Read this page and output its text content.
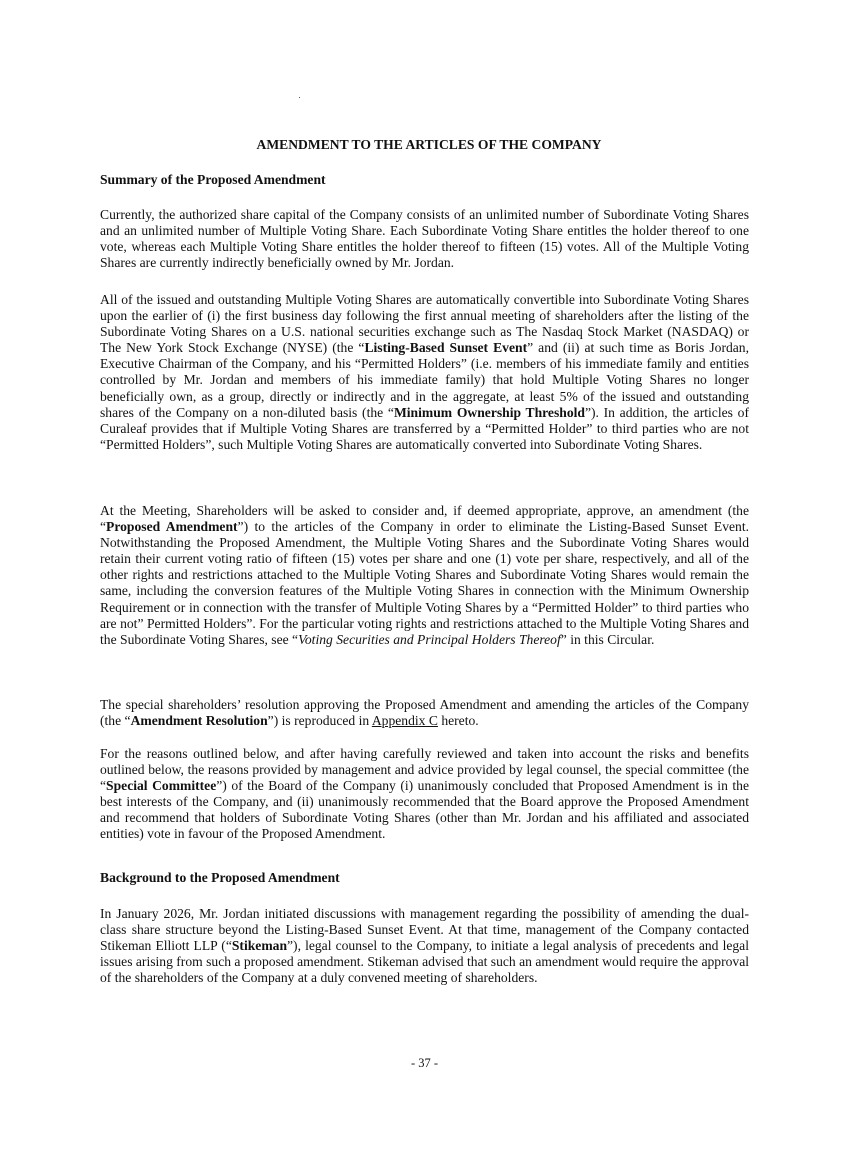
AMENDMENT TO THE ARTICLES OF THE COMPANY
Summary of the Proposed Amendment
Currently, the authorized share capital of the Company consists of an unlimited number of Subordinate Voting Shares and an unlimited number of Multiple Voting Share. Each Subordinate Voting Share entitles the holder thereof to one vote, whereas each Multiple Voting Share entitles the holder thereof to fifteen (15) votes. All of the Multiple Voting Shares are currently indirectly beneficially owned by Mr. Jordan.
All of the issued and outstanding Multiple Voting Shares are automatically convertible into Subordinate Voting Shares upon the earlier of (i) the first business day following the first annual meeting of shareholders after the listing of the Subordinate Voting Shares on a U.S. national securities exchange such as The Nasdaq Stock Market (NASDAQ) or The New York Stock Exchange (NYSE) (the “Listing-Based Sunset Event” and (ii) at such time as Boris Jordan, Executive Chairman of the Company, and his “Permitted Holders” (i.e. members of his immediate family and entities controlled by Mr. Jordan and members of his immediate family) that hold Multiple Voting Shares no longer beneficially own, as a group, directly or indirectly and in the aggregate, at least 5% of the issued and outstanding shares of the Company on a non-diluted basis (the “Minimum Ownership Threshold”). In addition, the articles of Curaleaf provides that if Multiple Voting Shares are transferred by a “Permitted Holder” to third parties who are not “Permitted Holders”, such Multiple Voting Shares are automatically converted into Subordinate Voting Shares.
At the Meeting, Shareholders will be asked to consider and, if deemed appropriate, approve, an amendment (the “Proposed Amendment”) to the articles of the Company in order to eliminate the Listing-Based Sunset Event. Notwithstanding the Proposed Amendment, the Multiple Voting Shares and the Subordinate Voting Shares would retain their current voting ratio of fifteen (15) votes per share and one (1) vote per share, respectively, and all of the other rights and restrictions attached to the Multiple Voting Shares and Subordinate Voting Shares would remain the same, including the conversion features of the Multiple Voting Shares in connection with the Minimum Ownership Requirement or in connection with the transfer of Multiple Voting Shares by a “Permitted Holder” to third parties who are not” Permitted Holders”. For the particular voting rights and restrictions attached to the Multiple Voting Shares and the Subordinate Voting Shares, see “Voting Securities and Principal Holders Thereof” in this Circular.
The special shareholders’ resolution approving the Proposed Amendment and amending the articles of the Company (the “Amendment Resolution”) is reproduced in Appendix C hereto.
For the reasons outlined below, and after having carefully reviewed and taken into account the risks and benefits outlined below, the reasons provided by management and advice provided by legal counsel, the special committee (the “Special Committee”) of the Board of the Company (i) unanimously concluded that Proposed Amendment is in the best interests of the Company, and (ii) unanimously recommended that the Board approve the Proposed Amendment and recommend that holders of Subordinate Voting Shares (other than Mr. Jordan and his affiliated and associated entities) vote in favour of the Proposed Amendment.
Background to the Proposed Amendment
In January 2026, Mr. Jordan initiated discussions with management regarding the possibility of amending the dual-class share structure beyond the Listing-Based Sunset Event. At that time, management of the Company contacted Stikeman Elliott LLP (“Stikeman”), legal counsel to the Company, to initiate a legal analysis of precedents and legal issues arising from such a proposed amendment. Stikeman advised that such an amendment would require the approval of the shareholders of the Company at a duly convened meeting of shareholders.
- 37 -
